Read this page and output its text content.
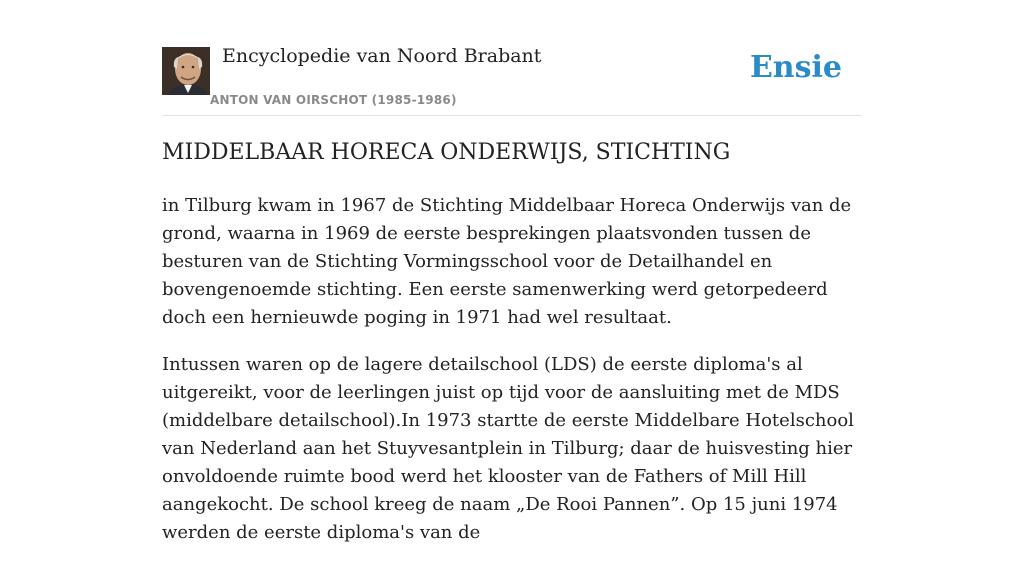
Encyclopedie van Noord Brabant
ANTON VAN OIRSCHOT (1985-1986)
Ensie
MIDDELBAAR HORECA ONDERWIJS, STICHTING

in Tilburg kwam in 1967 de Stichting Middelbaar Horeca Onderwijs van de grond, waarna in 1969 de eerste besprekingen plaatsvonden tussen de besturen van de Stichting Vormingsschool voor de Detailhandel en bovengenoemde stichting. Een eerste samenwerking werd getorpedeerd doch een hernieuwde poging in 1971 had wel resultaat.

Intussen waren op de lagere detailschool (LDS) de eerste diploma's al uitgereikt, voor de leerlingen juist op tijd voor de aansluiting met de MDS (middelbare detailschool).In 1973 startte de eerste Middelbare Hotelschool van Nederland aan het Stuyvesantplein in Tilburg; daar de huisvesting hier onvoldoende ruimte bood werd het klooster van de Fathers of Mill Hill aangekocht. De school kreeg de naam „De Rooi Pannen”. Op 15 juni 1974 werden de eerste diploma's van de
